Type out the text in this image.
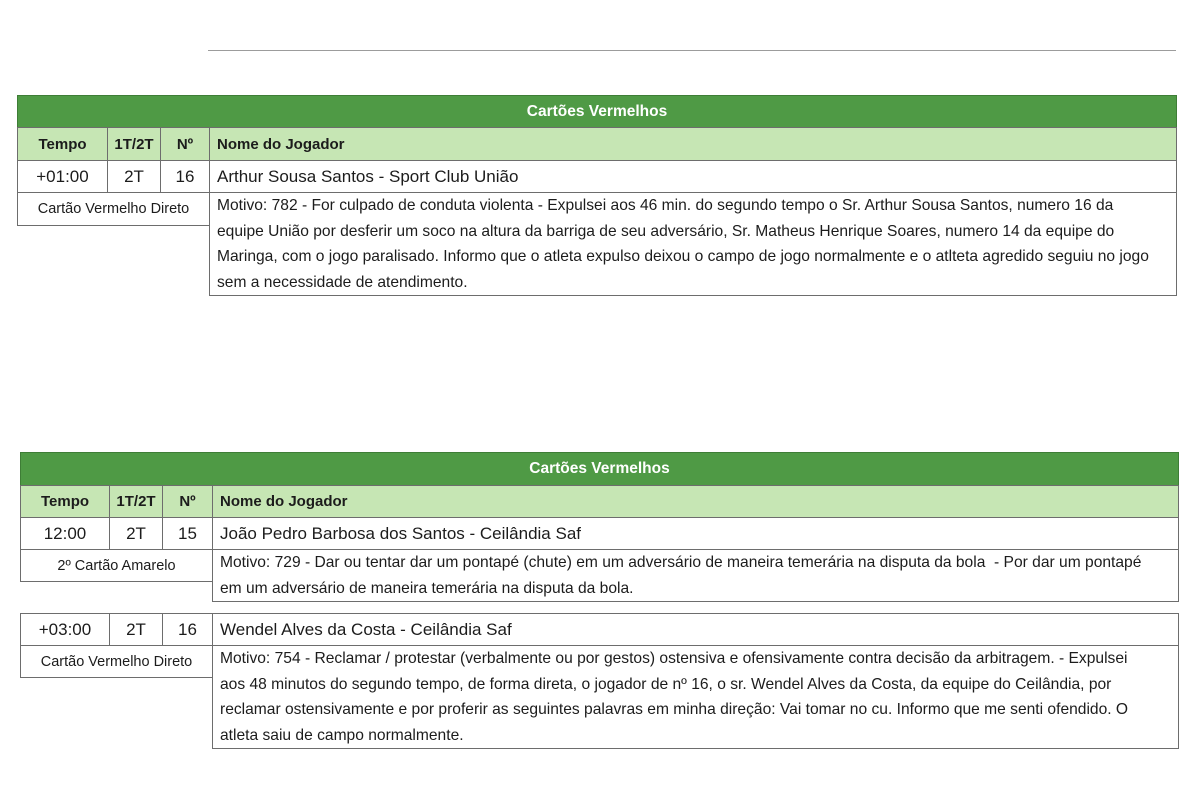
Cartões Vermelhos
Tempo	1T/2T	Nº	Nome do Jogador
+01:00	2T	16	Arthur Sousa Santos - Sport Club União
Cartão Vermelho Direto	Motivo: 782 - For culpado de conduta violenta - Expulsei aos 46 min. do segundo tempo o Sr. Arthur Sousa Santos, numero 16 da
equipe União por desferir um soco na altura da barriga de seu adversário, Sr. Matheus Henrique Soares, numero 14 da equipe do
Maringa, com o jogo paralisado. Informo que o atleta expulso deixou o campo de jogo normalmente e o atlteta agredido seguiu no jogo
sem a necessidade de atendimento.
Cartões Vermelhos
Tempo	1T/2T	Nº	Nome do Jogador
12:00	2T	15	João Pedro Barbosa dos Santos - Ceilândia Saf
2º Cartão Amarelo	Motivo: 729 - Dar ou tentar dar um pontapé (chute) em um adversário de maneira temerária na disputa da bola  - Por dar um pontapé
em um adversário de maneira temerária na disputa da bola.
+03:00	2T	16	Wendel Alves da Costa - Ceilândia Saf
Cartão Vermelho Direto	Motivo: 754 - Reclamar / protestar (verbalmente ou por gestos) ostensiva e ofensivamente contra decisão da arbitragem. - Expulsei
aos 48 minutos do segundo tempo, de forma direta, o jogador de nº 16, o sr. Wendel Alves da Costa, da equipe do Ceilândia, por
reclamar ostensivamente e por proferir as seguintes palavras em minha direção: Vai tomar no cu. Informo que me senti ofendido. O
atleta saiu de campo normalmente.
